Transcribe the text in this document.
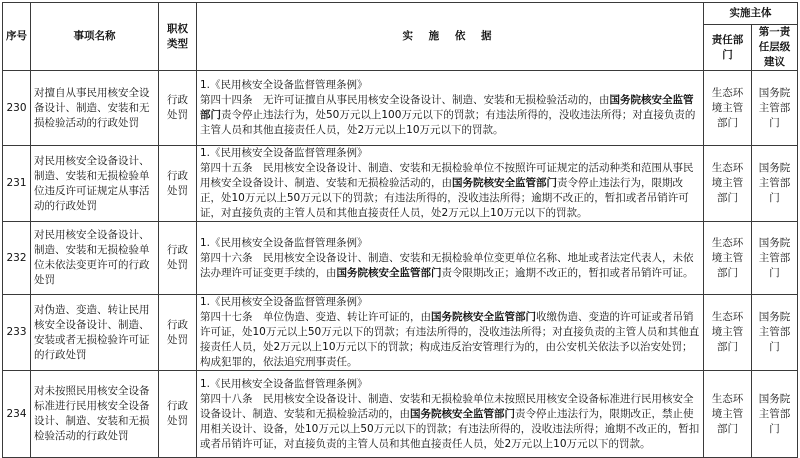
序号	事项名称	职权类型	实 施 依 据	实施主体	
				责任部门	第一责任层级建议
230	对擅自从事民用核安全设备设计、制造、安装和无损检验活动的行政处罚	行政处罚	1.《民用核安全设备监督管理条例》
第四十四条　无许可证擅自从事民用核安全设备设计、制造、安装和无损检验活动的，由国务院核安全监管部门责令停止违法行为，处50万元以上100万元以下的罚款；有违法所得的，没收违法所得；对直接负责的主管人员和其他直接责任人员，处2万元以上10万元以下的罚款。	生态环境主管部门	国务院主管部门
231	对民用核安全设备设计、制造、安装和无损检验单位违反许可证规定从事活动的行政处罚	行政处罚	1.《民用核安全设备监督管理条例》
第四十五条　民用核安全设备设计、制造、安装和无损检验单位不按照许可证规定的活动种类和范围从事民用核安全设备设计、制造、安装和无损检验活动的，由国务院核安全监管部门责令停止违法行为，限期改正，处10万元以上50万元以下的罚款；有违法所得的，没收违法所得；逾期不改正的，暂扣或者吊销许可证，对直接负责的主管人员和其他直接责任人员，处2万元以上10万元以下的罚款。	生态环境主管部门	国务院主管部门
232	对民用核安全设备设计、制造、安装和无损检验单位未依法变更许可的行政处罚	行政处罚	1.《民用核安全设备监督管理条例》
第四十六条　民用核安全设备设计、制造、安装和无损检验单位变更单位名称、地址或者法定代表人，未依法办理许可证变更手续的，由国务院核安全监管部门责令限期改正；逾期不改正的，暂扣或者吊销许可证。	生态环境主管部门	国务院主管部门
233	对伪造、变造、转让民用核安全设备设计、制造、安装或者无损检验许可证的行政处罚	行政处罚	1.《民用核安全设备监督管理条例》
第四十七条　单位伪造、变造、转让许可证的，由国务院核安全监管部门收缴伪造、变造的许可证或者吊销许可证，处10万元以上50万元以下的罚款；有违法所得的，没收违法所得；对直接负责的主管人员和其他直接责任人员，处2万元以上10万元以下的罚款；构成违反治安管理行为的，由公安机关依法予以治安处罚；构成犯罪的，依法追究刑事责任。	生态环境主管部门	国务院主管部门
234	对未按照民用核安全设备标准进行民用核安全设备设计、制造、安装和无损检验活动的行政处罚	行政处罚	1.《民用核安全设备监督管理条例》
第四十八条　民用核安全设备设计、制造、安装和无损检验单位未按照民用核安全设备标准进行民用核安全设备设计、制造、安装和无损检验活动的，由国务院核安全监管部门责令停止违法行为，限期改正，禁止使用相关设计、设备，处10万元以上50万元以下的罚款；有违法所得的，没收违法所得；逾期不改正的，暂扣或者吊销许可证，对直接负责的主管人员和其他直接责任人员，处2万元以上10万元以下的罚款。	生态环境主管部门	国务院主管部门
